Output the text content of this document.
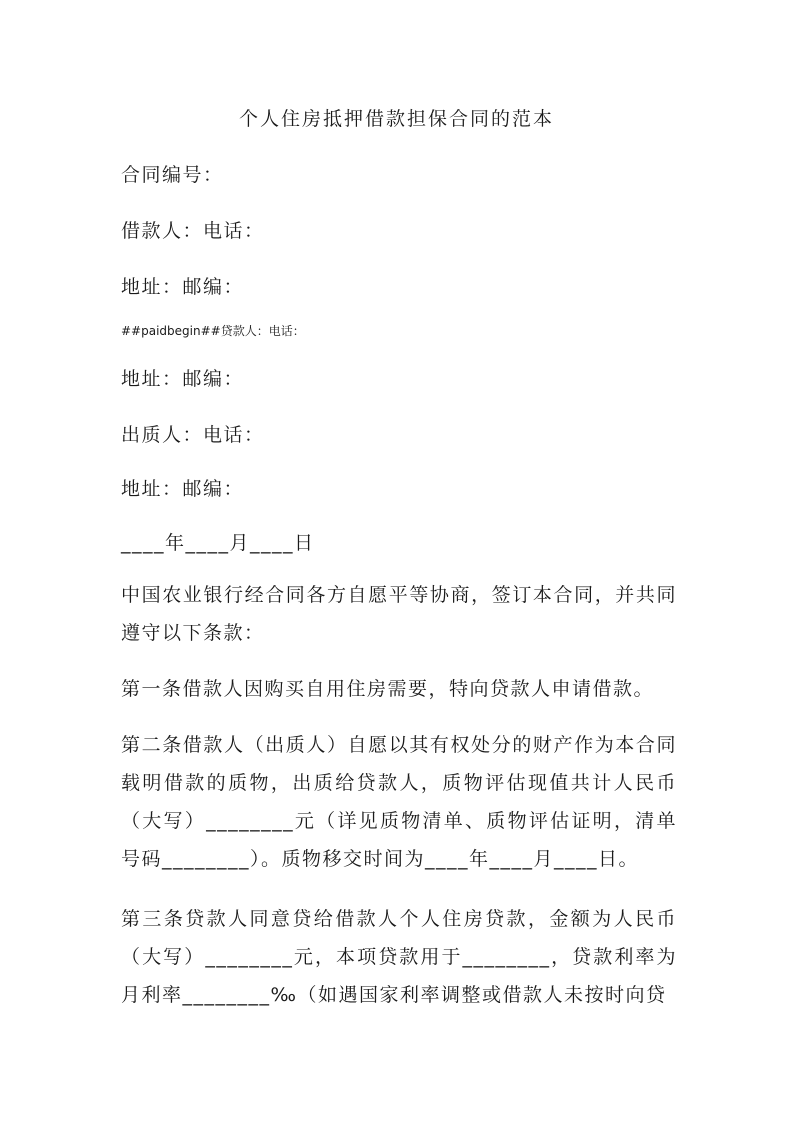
个人住房抵押借款担保合同的范本

合同编号：

借款人：电话：

地址：邮编：

##paidbegin##贷款人：电话：

地址：邮编：

出质人：电话：

地址：邮编：

____年____月____日

中国农业银行经合同各方自愿平等协商，签订本合同，并共同遵守以下条款：

第一条借款人因购买自用住房需要，特向贷款人申请借款。

第二条借款人（出质人）自愿以其有权处分的财产作为本合同载明借款的质物，出质给贷款人，质物评估现值共计人民币（大写）________元（详见质物清单、质物评估证明，清单号码________）。质物移交时间为____年____月____日。

第三条贷款人同意贷给借款人个人住房贷款，金额为人民币（大写）________元，本项贷款用于________，贷款利率为月利率________‰（如遇国家利率调整或借款人未按时向贷
